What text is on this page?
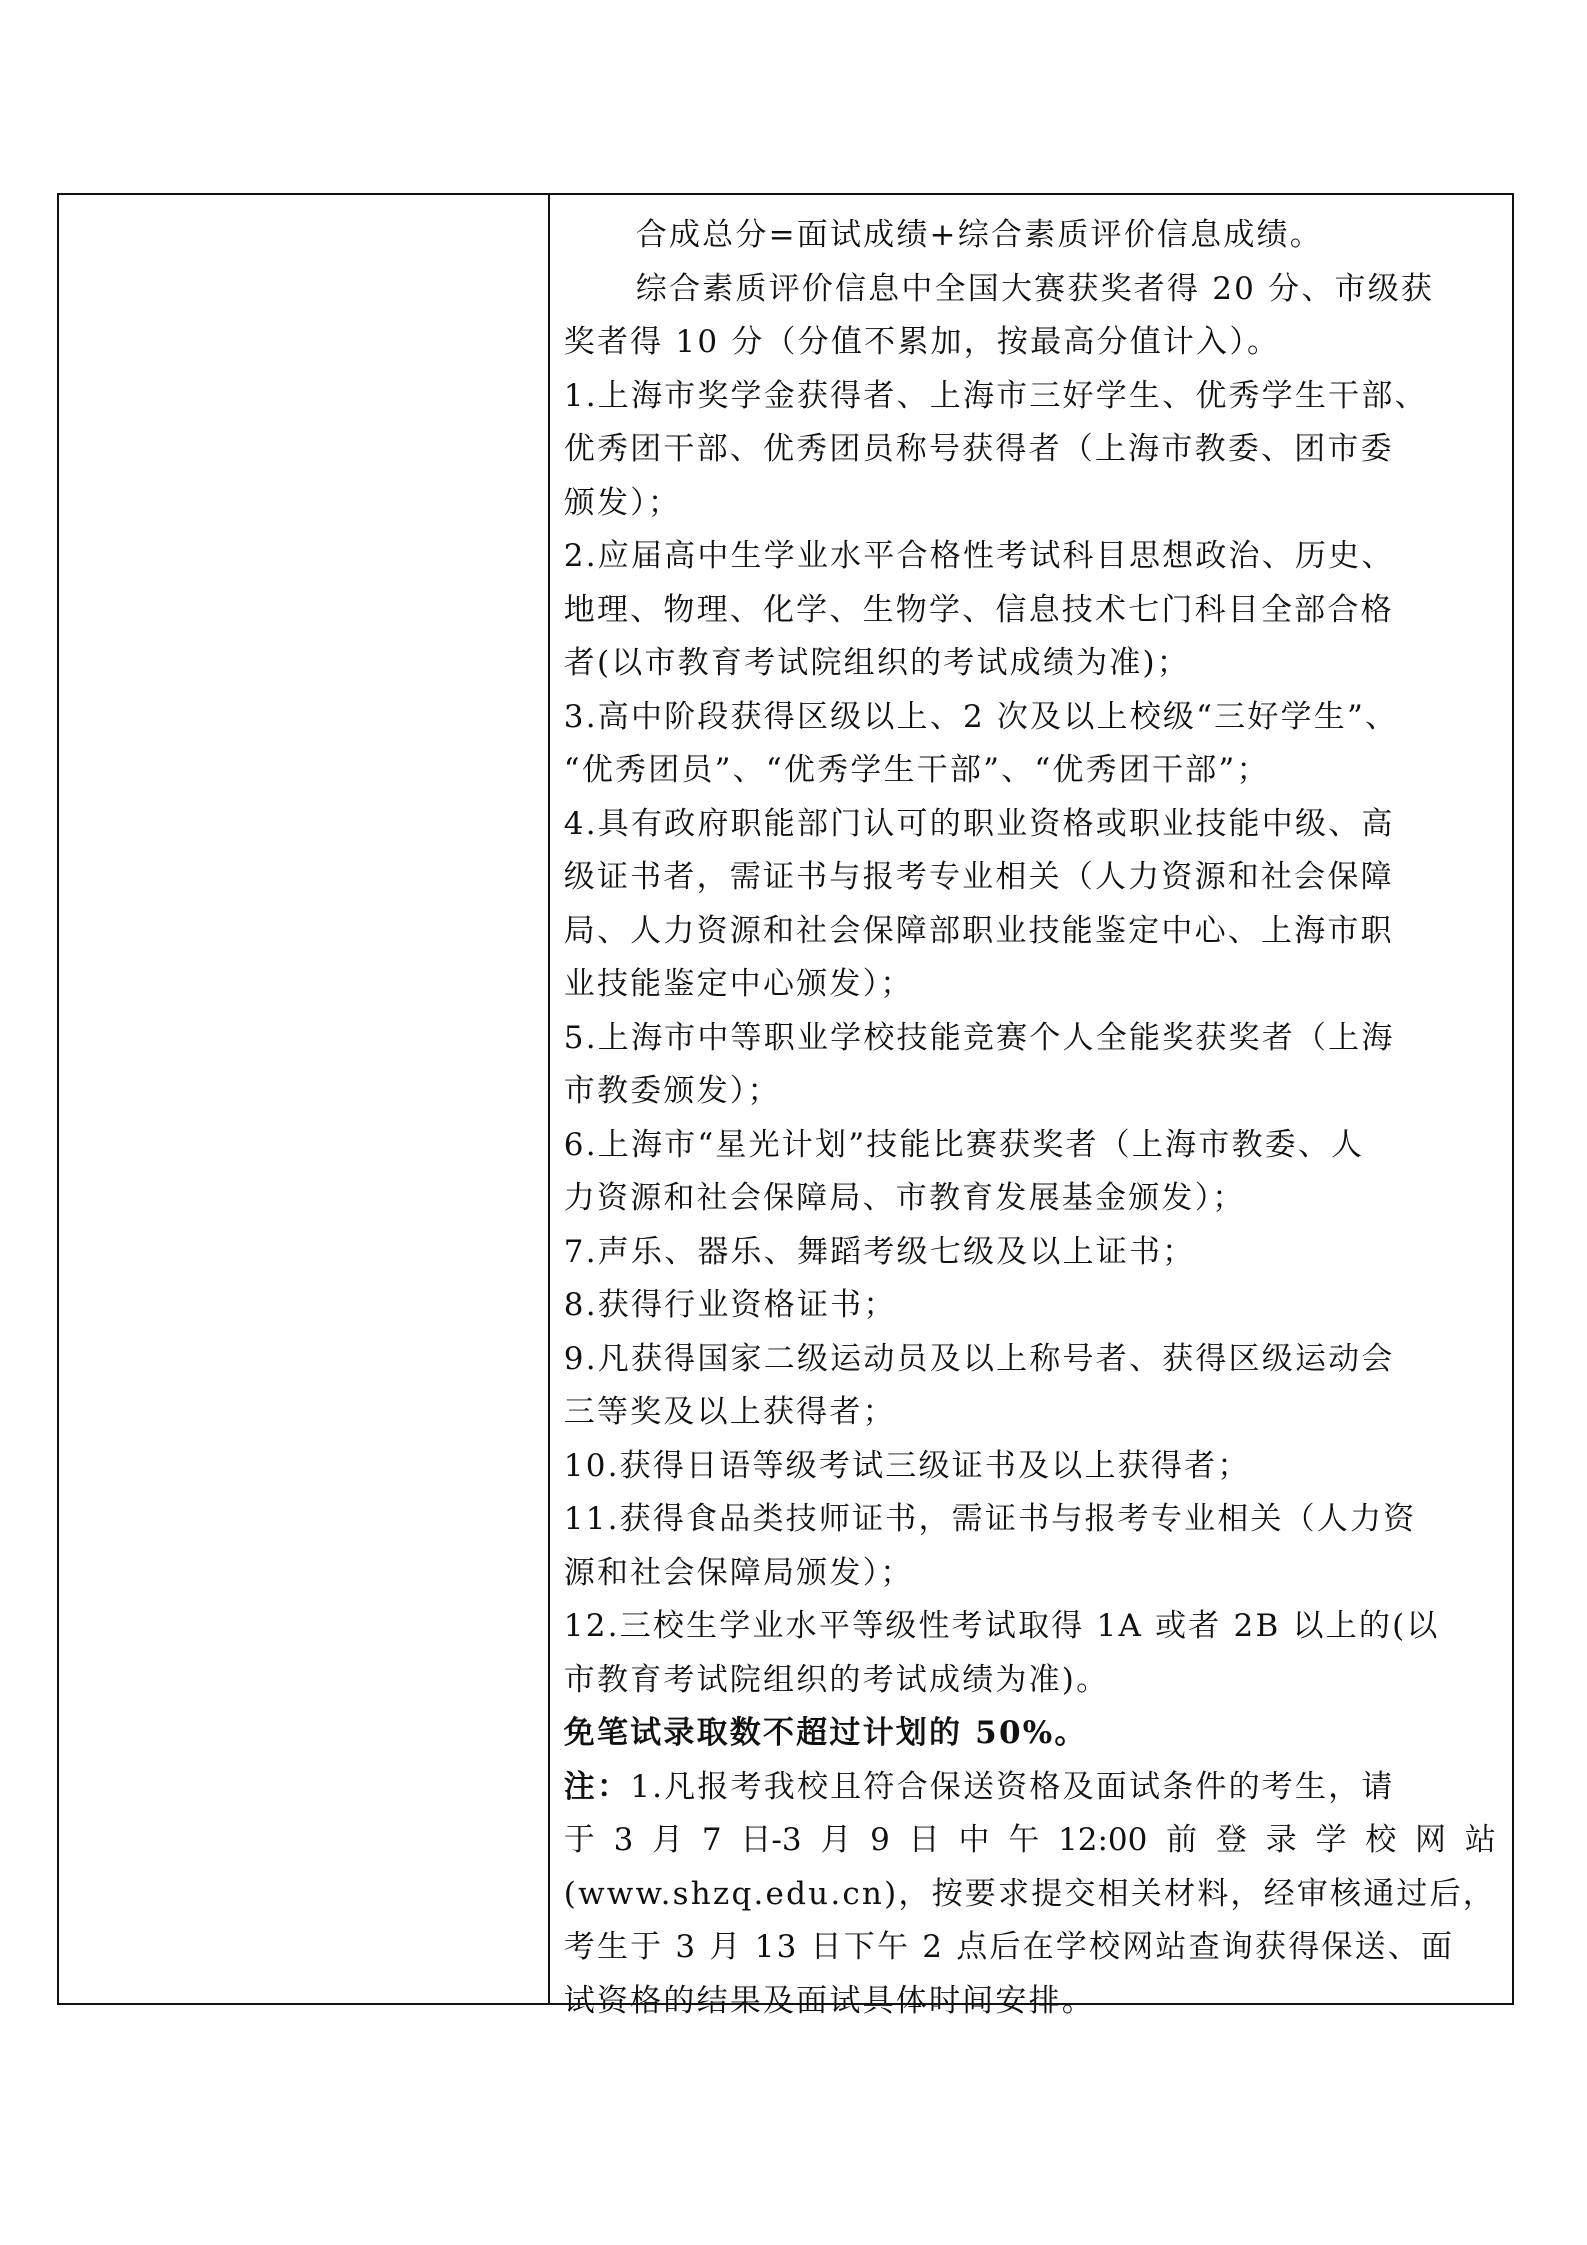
合成总分=面试成绩+综合素质评价信息成绩。
综合素质评价信息中全国大赛获奖者得 20 分、市级获
奖者得 10 分（分值不累加，按最高分值计入）。
1.上海市奖学金获得者、上海市三好学生、优秀学生干部、
优秀团干部、优秀团员称号获得者（上海市教委、团市委
颁发）；
2.应届高中生学业水平合格性考试科目思想政治、历史、
地理、物理、化学、生物学、信息技术七门科目全部合格
者(以市教育考试院组织的考试成绩为准)；
3.高中阶段获得区级以上、2 次及以上校级“三好学生”、
“优秀团员”、“优秀学生干部”、“优秀团干部”；
4.具有政府职能部门认可的职业资格或职业技能中级、高
级证书者，需证书与报考专业相关（人力资源和社会保障
局、人力资源和社会保障部职业技能鉴定中心、上海市职
业技能鉴定中心颁发）；
5.上海市中等职业学校技能竞赛个人全能奖获奖者（上海
市教委颁发）；
6.上海市“星光计划”技能比赛获奖者（上海市教委、人
力资源和社会保障局、市教育发展基金颁发）；
7.声乐、器乐、舞蹈考级七级及以上证书；
8.获得行业资格证书；
9.凡获得国家二级运动员及以上称号者、获得区级运动会
三等奖及以上获得者；
10.获得日语等级考试三级证书及以上获得者；
11.获得食品类技师证书，需证书与报考专业相关（人力资
源和社会保障局颁发）；
12.三校生学业水平等级性考试取得 1A 或者 2B 以上的(以
市教育考试院组织的考试成绩为准)。
免笔试录取数不超过计划的 50%。
注：1.凡报考我校且符合保送资格及面试条件的考生，请
于 3 月 7 日-3 月 9 日 中 午 12:00 前 登 录 学 校 网 站
(www.shzq.edu.cn)，按要求提交相关材料，经审核通过后，
考生于 3 月 13 日下午 2 点后在学校网站查询获得保送、面
试资格的结果及面试具体时间安排。
